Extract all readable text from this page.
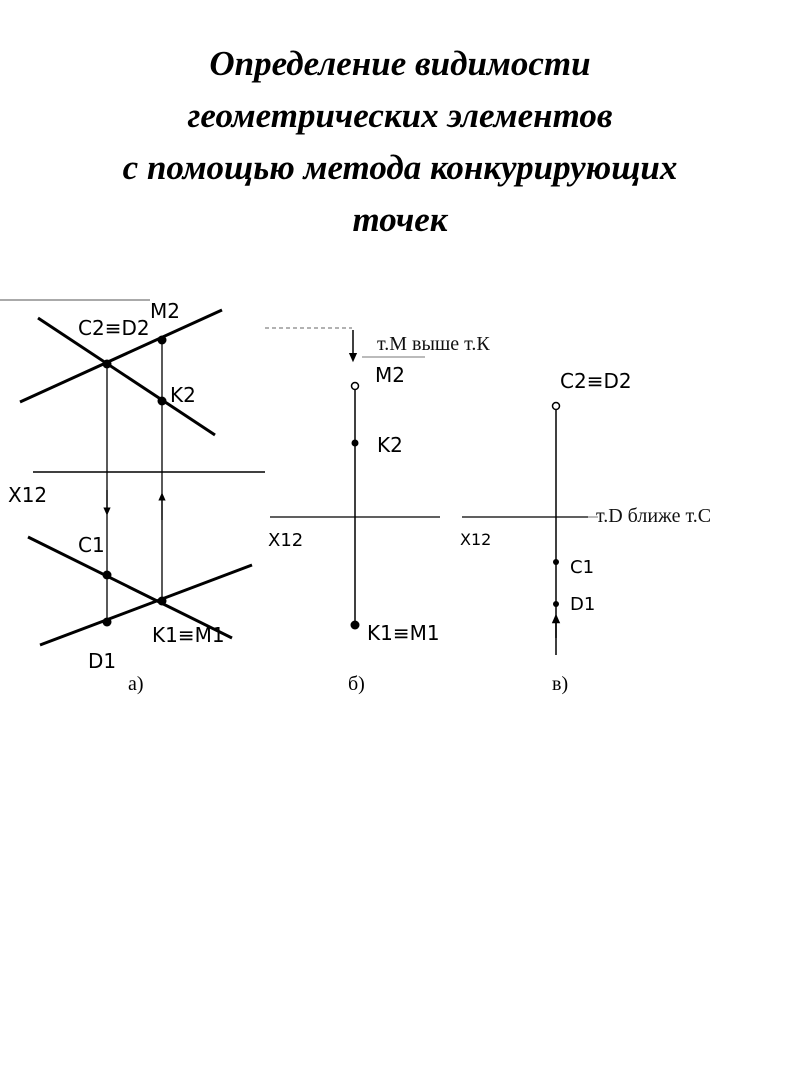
Определение видимости
геометрических элементов
с помощью метода конкурирующих
точек
C2≡D2
M2
K2
X12
C1
K1≡M1
D1
а)
т.М выше т.К
M2
K2
X12
K1≡M1
б)
C2≡D2
X12
т.D ближе т.С
C1
D1
в)
